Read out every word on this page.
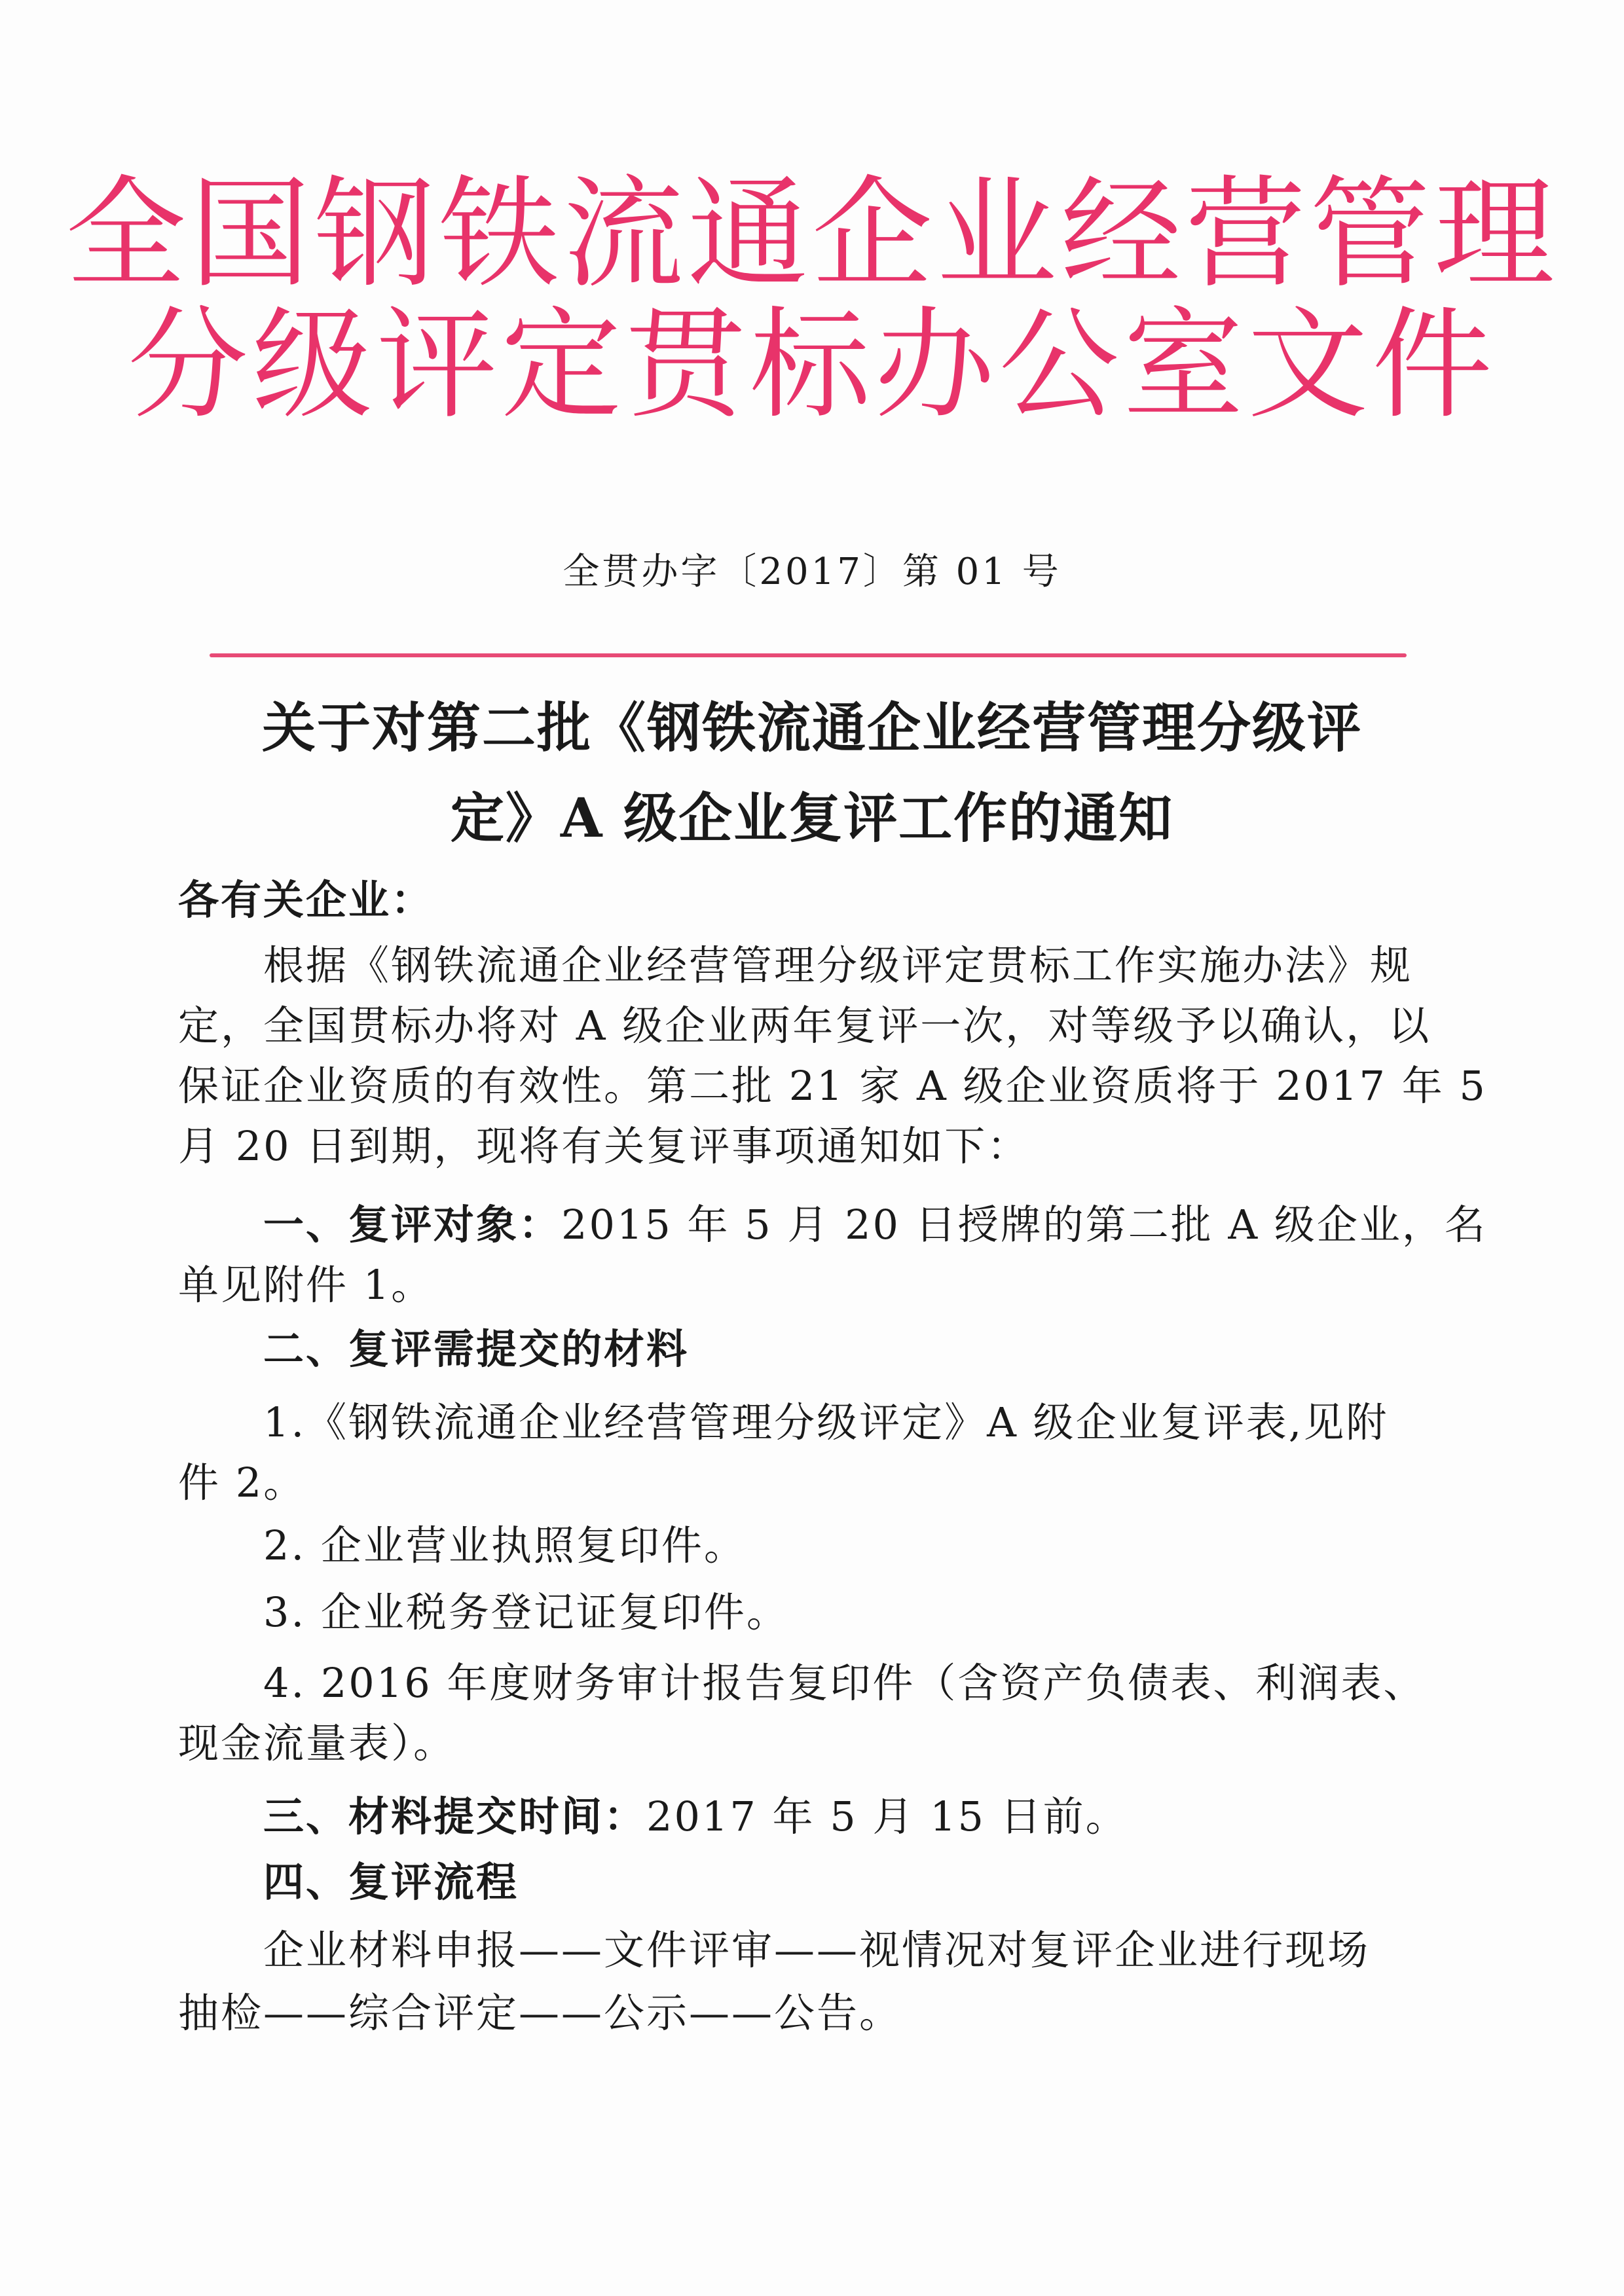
全国钢铁流通企业经营管理
分级评定贯标办公室文件
全贯办字〔2017〕第 01 号
关于对第二批《钢铁流通企业经营管理分级评
定》A 级企业复评工作的通知
各有关企业：
根据《钢铁流通企业经营管理分级评定贯标工作实施办法》规
定，全国贯标办将对 A 级企业两年复评一次，对等级予以确认，以
保证企业资质的有效性。第二批 21 家 A 级企业资质将于 2017 年 5
月 20 日到期，现将有关复评事项通知如下：
一、复评对象：2015 年 5 月 20 日授牌的第二批 A 级企业，名
单见附件 1。
二、复评需提交的材料
1.《钢铁流通企业经营管理分级评定》A 级企业复评表,见附
件 2。
2. 企业营业执照复印件。
3. 企业税务登记证复印件。
4. 2016 年度财务审计报告复印件（含资产负债表、利润表、
现金流量表）。
三、材料提交时间：2017 年 5 月 15 日前。
四、复评流程
企业材料申报——文件评审——视情况对复评企业进行现场
抽检——综合评定——公示——公告。
